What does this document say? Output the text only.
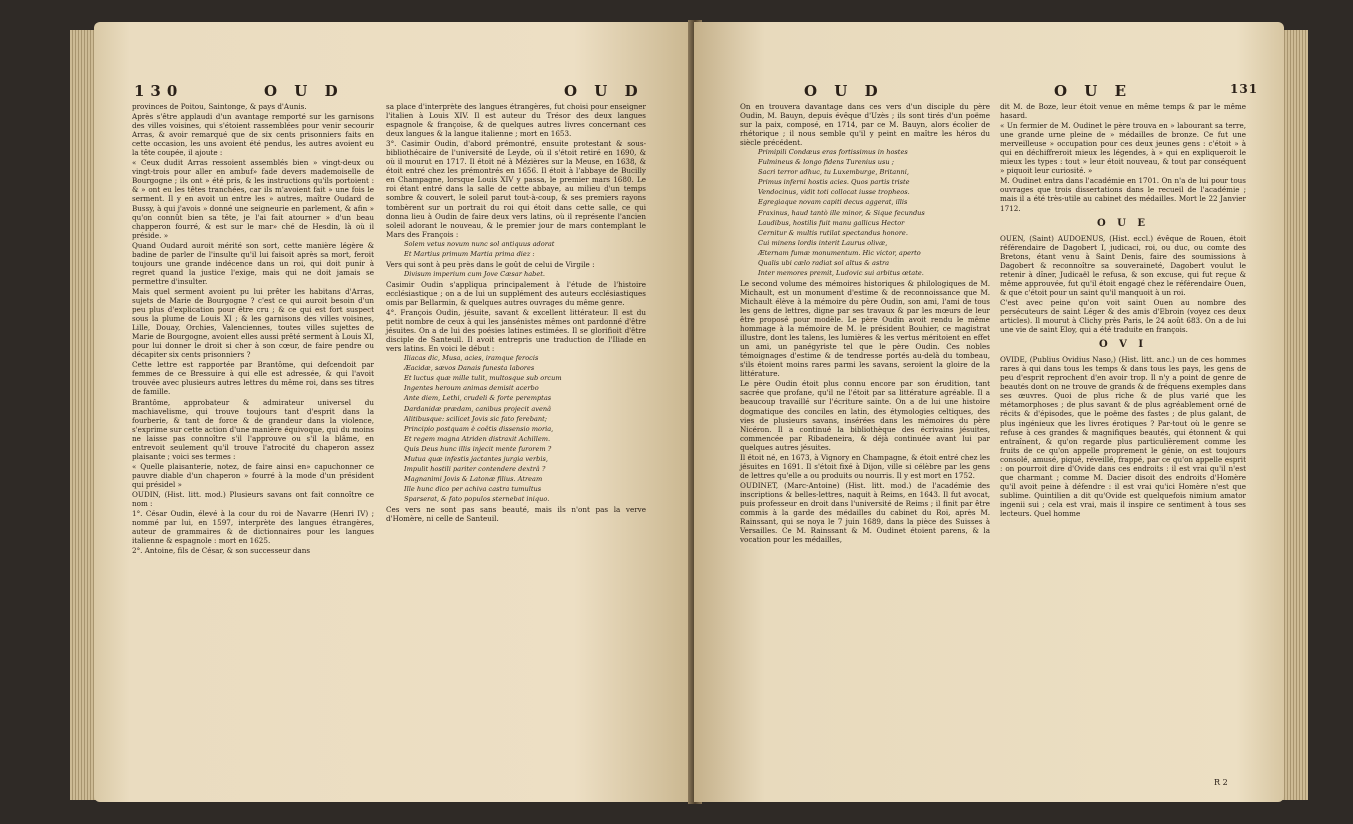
130	O U D	O U D

provinces de Poitou, Saintonge, & pays d'Aunis.

Après s'être applaudi d'un avantage remporté sur les garnisons des villes voisines, qui s'étoient rassemblées pour venir secourir Arras, & avoir remarqué que de six cents prisonniers faits en cette occasion, les uns avoient été pendus, les autres avoient eu la tête coupée, il ajoute :

« Ceux dudit Arras ressoient assemblés bien » vingt-deux ou vingt-trois pour aller en ambuf» fade devers mademoiselle de Bourgogne ; ils ont » été pris, & les instructions qu'ils portoient : & » ont eu les têtes tranchées, car ils m'avoient fait » une fois le serment. Il y en avoit un entre les » autres, maître Oudard de Bussy, à qui j'avois » donné une seigneurie en parlement, & afin » qu'on connût bien sa tête, je l'ai fait atourner » d'un beau chapperon fourré, & est sur le mar» ché de Hesdin, là où il préside. »

Quand Oudard auroit mérité son sort, cette manière légère & badine de parler de l'insulte qu'il lui faisoit après sa mort, feroit toujours une grande indécence dans un roi, qui doit punir à regret quand la justice l'exige, mais qui ne doit jamais se permettre d'insulter.

Mais quel serment avoient pu lui prêter les habitans d'Arras, sujets de Marie de Bourgogne ? c'est ce qui auroit besoin d'un peu plus d'explication pour être cru ; & ce qui est fort suspect sous la plume de Louis XI ; & les garnisons des villes voisines, Lille, Douay, Orchies, Valenciennes, toutes villes sujettes de Marie de Bourgogne, avoient elles aussi prêté serment à Louis XI, pour lui donner le droit si cher à son cœur, de faire pendre ou décapiter six cents prisonniers ?

Cette lettre est rapportée par Brantôme, qui defcendoit par femmes de ce Bressuire à qui elle est adressée, & qui l'avoit trouvée avec plusieurs autres lettres du même roi, dans ses titres de famille.

Brantôme, approbateur & admirateur universel du machiavelisme, qui trouve toujours tant d'esprit dans la fourberie, & tant de force & de grandeur dans la violence, s'exprime sur cette action d'une manière équivoque, qui du moins ne laisse pas connoître s'il l'approuve ou s'il la blâme, en entrevoit seulement qu'il trouve l'atrocité du chaperon assez plaisante ; voici ses termes :

« Quelle plaisanterie, notez, de faire ainsi en» capuchonner ce pauvre diable d'un chaperon » fourré à la mode d'un président qui présidel »

OUDIN, (Hist. litt. mod.) Plusieurs savans ont fait connoître ce nom :

1°. César Oudin, élevé à la cour du roi de Navarre (Henri IV) ; nommé par lui, en 1597, interprète des langues étrangères, auteur de grammaires & de dictionnaires pour les langues italienne & espagnole : mort en 1625.

2°. Antoine, fils de César, & son successeur dans

sa place d'interprète des langues étrangères, fut choisi pour enseigner l'italien à Louis XIV. Il est auteur du Trésor des deux langues espagnole & françoise, & de quelques autres livres concernant ces deux langues & la langue italienne ; mort en 1653.

3°. Casimir Oudin, d'abord prémontré, ensuite protestant & sous-bibliothécaire de l'université de Leyde, où il s'étoit retiré en 1690, & où il mourut en 1717. Il étoit né à Mézières sur la Meuse, en 1638, & étoit entré chez les prémontrés en 1656. Il étoit à l'abbaye de Bucilly en Champagne, lorsque Louis XIV y passa, le premier mars 1680. Le roi étant entré dans la salle de cette abbaye, au milieu d'un temps sombre & couvert, le soleil parut tout-à-coup, & ses premiers rayons tombèrent sur un portrait du roi qui étoit dans cette salle, ce qui donna lieu à Oudin de faire deux vers latins, où il représente l'ancien soleil adorant le nouveau, & le premier jour de mars contemplant le Mars des François :

Solem vetus novum nunc sol antiquus adorat

Et Martius primum Martia prima diez :

Vers qui sont à peu près dans le goût de celui de Virgile :

Divisum imperium cum Jove Cæsar habet.

Casimir Oudin s'appliqua principalement à l'étude de l'histoire ecclésiastique ; on a de lui un supplément des auteurs ecclésiastiques omis par Bellarmin, & quelques autres ouvrages du même genre.

4°. François Oudin, jésuite, savant & excellent littérateur. Il est du petit nombre de ceux à qui les jansénistes mêmes ont pardonné d'être jésuites. On a de lui des poésies latines estimées. Il se glorifioit d'être disciple de Santeuil. Il avoit entrepris une traduction de l'Iliade en vers latins. En voici le début :

Iliacas dic, Musa, acies, iramque ferocis

Æacidæ, sævos Danais funesta labores

Et luctus quæ mille tulit, multosque sub orcum

Ingentes heroum animas demisit acerbo

Ante diem, Lethi, crudeli & forte peremptas

Dardanidæ prædam, canibus projecit avenâ

Alitibusque: scilicet Jovis sic fato ferebant;

Principio postquam è coêtis dissensio moria,

Et regem magna Atriden distraxit Achillem.

Quis Deus hunc illis injecit mente furorem ?

Mutua quæ infestis jactantes jurgia verbis,

Impulit hostili pariter contendere dextrâ ?

Magnanimi Jovis & Latonæ filius. Atream

Ille hunc dico per achiva castra tumultus

Sparserat, & fato populos sternebat iniquo.

Ces vers ne sont pas sans beauté, mais ils n'ont pas la verve d'Homère, ni celle de Santeuil.

O U D	O U E	131

On en trouvera davantage dans ces vers d'un disciple du père Oudin, M. Bauyn, depuis évêque d'Uzès ; ils sont tirés d'un poëme sur la paix, composé, en 1714, par ce M. Bauyn, alors écolier de rhétorique ; il nous semble qu'il y peint en maître les héros du siècle précédent.

Primipili Condæus eras fortissimus in hostes

Fulmineus & longo fidens Turenius usu ;

Sacri terror adhuc, tu Luxemburge, Britanni,

Primus inferni hostis acies. Quos partis triste

Vendocinus, vidit toti collocat iusse tropheos.

Egregiaque novam capiti decus aggerat, illis

Fraxinus, haud tantò ille minor, & Sique fecundus

Laudibus, hostilis fuit manu gallicus Hector

Cernitur & multis rutilat spectandus honore.

Cui minens lordis interit Laurus olivæ,

Æternam fumæ monumentum. Hic victor, aperto

Qualis ubi cælo radiat sol altus & astra

Inter memores premit, Ludovic sui arbitus œtate.

Le second volume des mémoires historiques & philologiques de M. Michault, est un monument d'estime & de reconnoissance que M. Michault élève à la mémoire du père Oudin, son ami, l'ami de tous les gens de lettres, digne par ses travaux & par les mœurs de leur être proposé pour modèle. Le père Oudin avoit rendu le même hommage à la mémoire de M. le président Bouhier, ce magistrat illustre, dont les talens, les lumières & les vertus méritoient en effet un ami, un panégyriste tel que le père Oudin. Ces nobles témoignages d'estime & de tendresse portés au-delà du tombeau, s'ils étoient moins rares parmi les savans, seroient la gloire de la littérature.

Le père Oudin étoit plus connu encore par son érudition, tant sacrée que profane, qu'il ne l'étoit par sa littérature agréable. Il a beaucoup travaillé sur l'écriture sainte. On a de lui une histoire dogmatique des conciles en latin, des étymologies celtiques, des vies de plusieurs savans, insérées dans les mémoires du père Nicéron. Il a continué la bibliothèque des écrivains jésuites, commencée par Ribadeneira, & déjà continuée avant lui par quelques autres jésuites.

Il étoit né, en 1673, à Vignory en Champagne, & étoit entré chez les jésuites en 1691. Il s'étoit fixé à Dijon, ville si célèbre par les gens de lettres qu'elle a ou produits ou nourris. Il y est mort en 1752.

OUDINET, (Marc-Antoine) (Hist. litt. mod.) de l'académie des inscriptions & belles-lettres, naquit à Reims, en 1643. Il fut avocat, puis professeur en droit dans l'université de Reims ; il finit par être commis à la garde des médailles du cabinet du Roi, après M. Rainssant, qui se noya le 7 juin 1689, dans la pièce des Suisses à Versailles. Ce M. Rainssant & M. Oudinet étoient parens, & la vocation pour les médailles,

dit M. de Boze, leur étoit venue en même temps & par le même hasard.

« Un fermier de M. Oudinet le père trouva en » labourant sa terre, une grande urne pleine de » médailles de bronze. Ce fut une merveilleuse » occupation pour ces deux jeunes gens : c'étoit » à qui en déchiffreroit mieux les légendes, à » qui en expliqueroit le mieux les types : tout » leur étoit nouveau, & tout par conséquent » piquoit leur curiosité. »

M. Oudinet entra dans l'académie en 1701. On n'a de lui pour tous ouvrages que trois dissertations dans le recueil de l'académie ; mais il a été très-utile au cabinet des médailles. Mort le 22 Janvier 1712.

O U E

OUEN, (Saint) AUDOENUS, (Hist. eccl.) évêque de Rouen, étoit référendaire de Dagobert I, judicaci, roi, ou duc, ou comte des Bretons, étant venu à Saint Denis, faire des soumissions à Dagobert & reconnoître sa souveraineté, Dagobert voulut le retenir à dîner, Judicaël le refusa, & son excuse, qui fut reçue & même approuvée, fut qu'il étoit engagé chez le référendaire Ouen, & que c'étoit pour un saint qu'il manquoit à un roi.

C'est avec peine qu'on voit saint Ouen au nombre des persécuteurs de saint Léger & des amis d'Ebroin (voyez ces deux articles). Il mourut à Clichy près Paris, le 24 août 683. On a de lui une vie de saint Eloy, qui a été traduite en françois.

O V I

OVIDE, (Publius Ovidius Naso,) (Hist. litt. anc.) un de ces hommes rares à qui dans tous les temps & dans tous les pays, les gens de peu d'esprit reprochent d'en avoir trop. Il n'y a point de genre de beautés dont on ne trouve de grands & de fréquens exemples dans ses œuvres. Quoi de plus riche & de plus varié que les métamorphoses ; de plus savant & de plus agréablement orné de récits & d'épisodes, que le poëme des fastes ; de plus galant, de plus ingénieux que les livres érotiques ? Par-tout où le genre se refuse à ces grandes & magnifiques beautés, qui étonnent & qui entraînent, & qu'on regarde plus particulièrement comme les fruits de ce qu'on appelle proprement le génie, on est toujours consolé, amusé, piqué, réveillé, frappé, par ce qu'on appelle esprit : on pourroit dire d'Ovide dans ces endroits : il est vrai qu'il n'est que charmant ; comme M. Dacier disoit des endroits d'Homère qu'il avoit peine à défendre : il est vrai qu'ici Homère n'est que sublime. Quintilien a dit qu'Ovide est quelquefois nimium amator ingenii sui ; cela est vrai, mais il inspire ce sentiment à tous ses lecteurs. Quel homme

R 2
